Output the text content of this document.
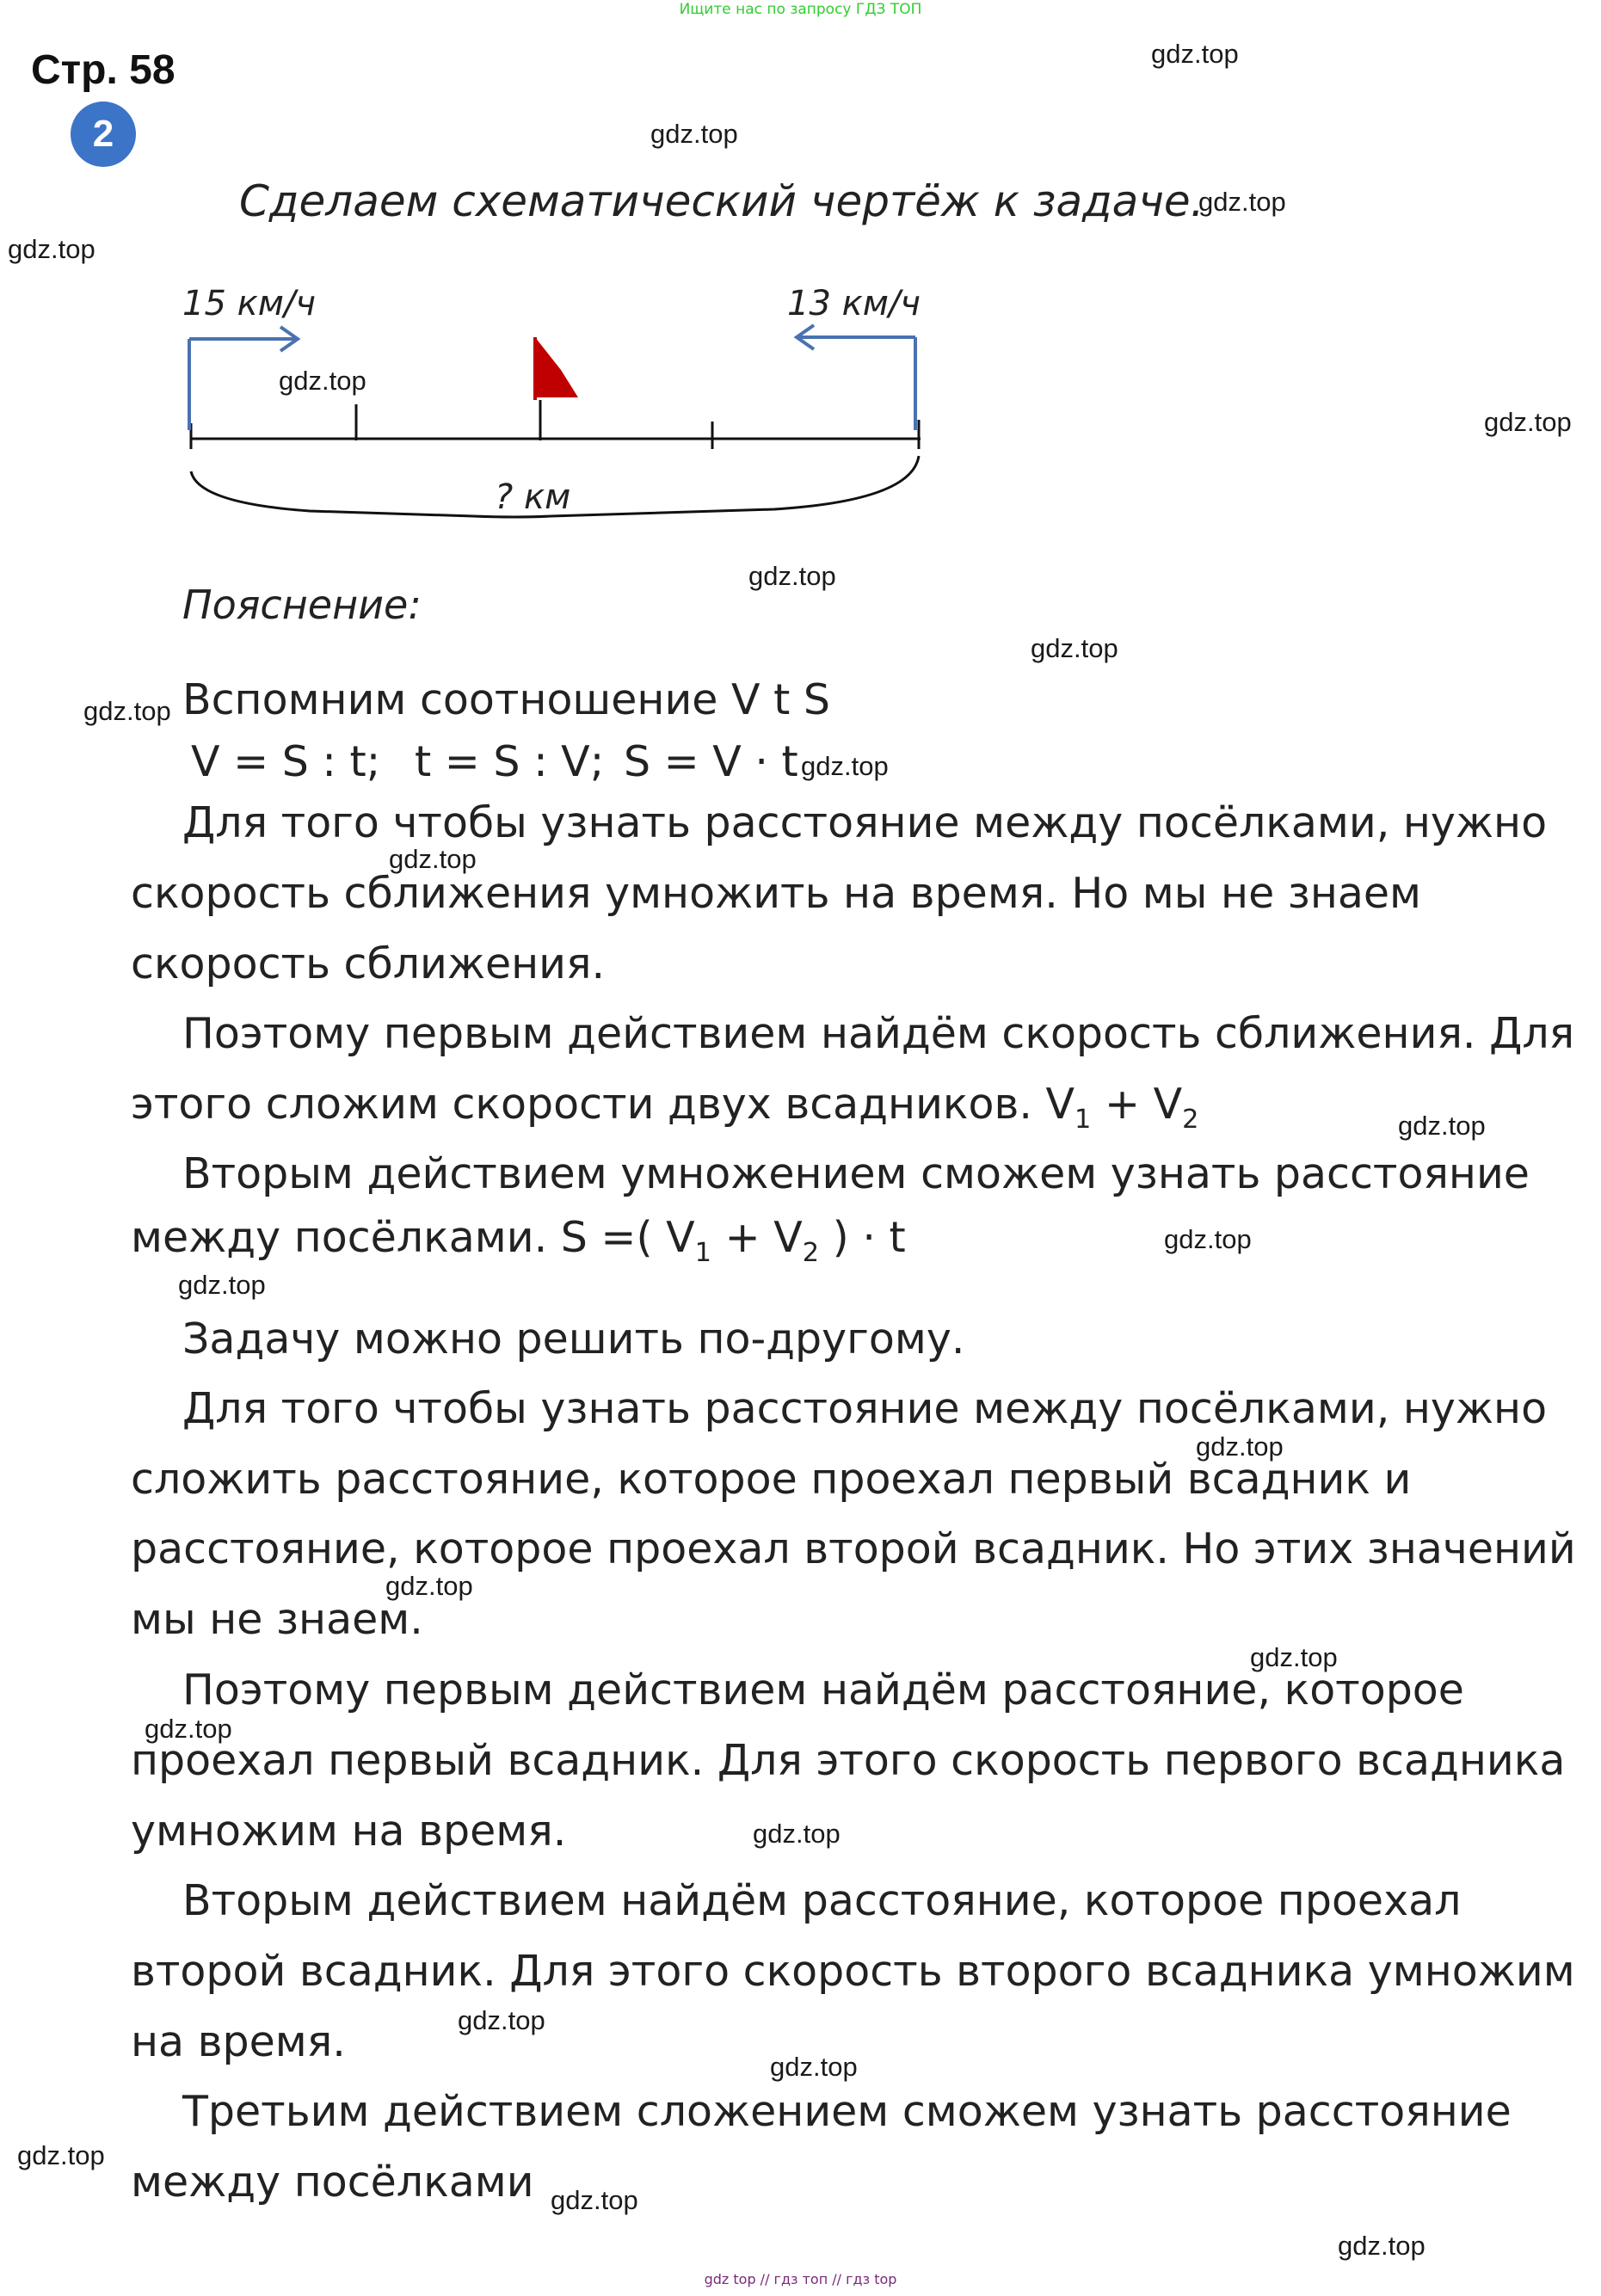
Ищите нас по запросу ГДЗ ТОП
Стр. 58
2
Сделаем схематический чертёж к задаче.
15 км/ч	13 км/ч
? км
Пояснение:
Вспомним соотношение V t S
V = S : t; t = S : V; S = V · t
Для того чтобы узнать расстояние между посёлками, нужно
скорость сближения умножить на время. Но мы не знаем
скорость сближения.
Поэтому первым действием найдём скорость сближения. Для
этого сложим скорости двух всадников. $V_1 + V_2$
Вторым действием умножением сможем узнать расстояние
между посёлками. S =( $V_1 + V_2$ ) · t
Задачу можно решить по-другому.
Для того чтобы узнать расстояние между посёлками, нужно
сложить расстояние, которое проехал первый всадник и
расстояние, которое проехал второй всадник. Но этих значений
мы не знаем.
Поэтому первым действием найдём расстояние, которое
проехал первый всадник. Для этого скорость первого всадника
умножим на время.
Вторым действием найдём расстояние, которое проехал
второй всадник. Для этого скорость второго всадника умножим
на время.
Третьим действием сложением сможем узнать расстояние
между посёлками
gdz.top
gdz.top
gdz.top
gdz.top
gdz.top
gdz.top
gdz.top
gdz.top
gdz.top
gdz.top
gdz.top
gdz.top
gdz.top
gdz.top
gdz.top
gdz.top
gdz.top
gdz.top
gdz.top
gdz.top
gdz.top
gdz.top
gdz.top
gdz.top
gdz top // гдз топ // гдз top
